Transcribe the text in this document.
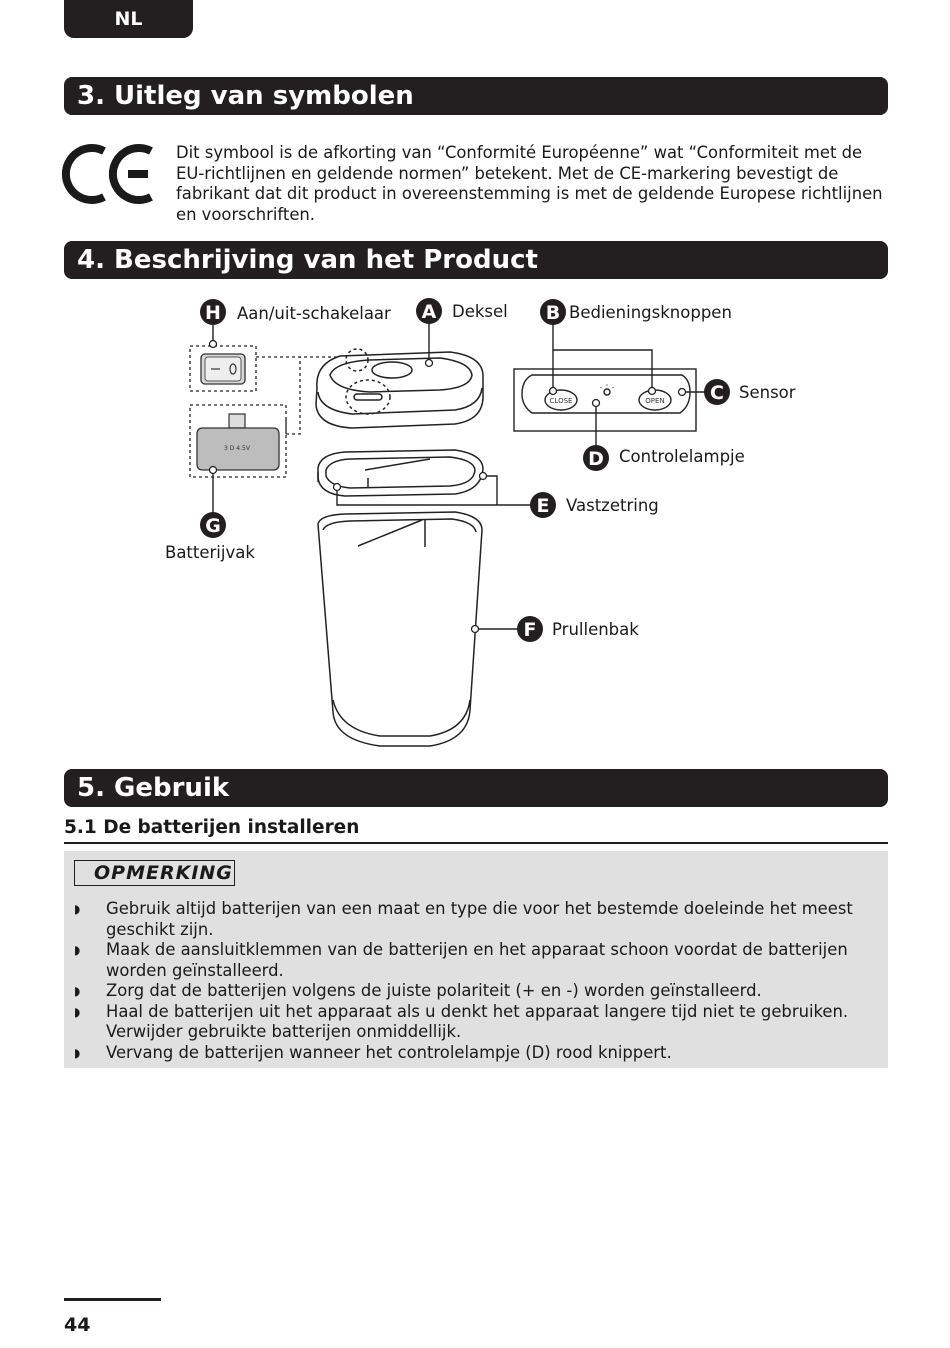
NL
3. Uitleg van symbolen
Dit symbool is de afkorting van “Conformité Européenne” wat “Conformiteit met de EU-richtlijnen en geldende normen” betekent. Met de CE-markering bevestigt de fabrikant dat dit product in overeenstemming is met de geldende Europese richtlijnen en voorschriften.
4. Beschrijving van het Product
3 D 4.5V
CLOSE	OPEN
H	A	B
C
D
E
F
G
Aan/uit-schakelaar	Deksel	Bedieningsknoppen
Sensor
Controlelampje
Vastzetring
Prullenbak
Batterijvak
5. Gebruik
5.1 De batterijen installeren
OPMERKING
◗ Gebruik altijd batterijen van een maat en type die voor het bestemde doeleinde het meest geschikt zijn.
◗ Maak de aansluitklemmen van de batterijen en het apparaat schoon voordat de batterijen worden geïnstalleerd.
◗ Zorg dat de batterijen volgens de juiste polariteit (+ en -) worden geïnstalleerd.
◗ Haal de batterijen uit het apparaat als u denkt het apparaat langere tijd niet te gebruiken. Verwijder gebruikte batterijen onmiddellijk.
◗ Vervang de batterijen wanneer het controlelampje (D) rood knippert.
44
